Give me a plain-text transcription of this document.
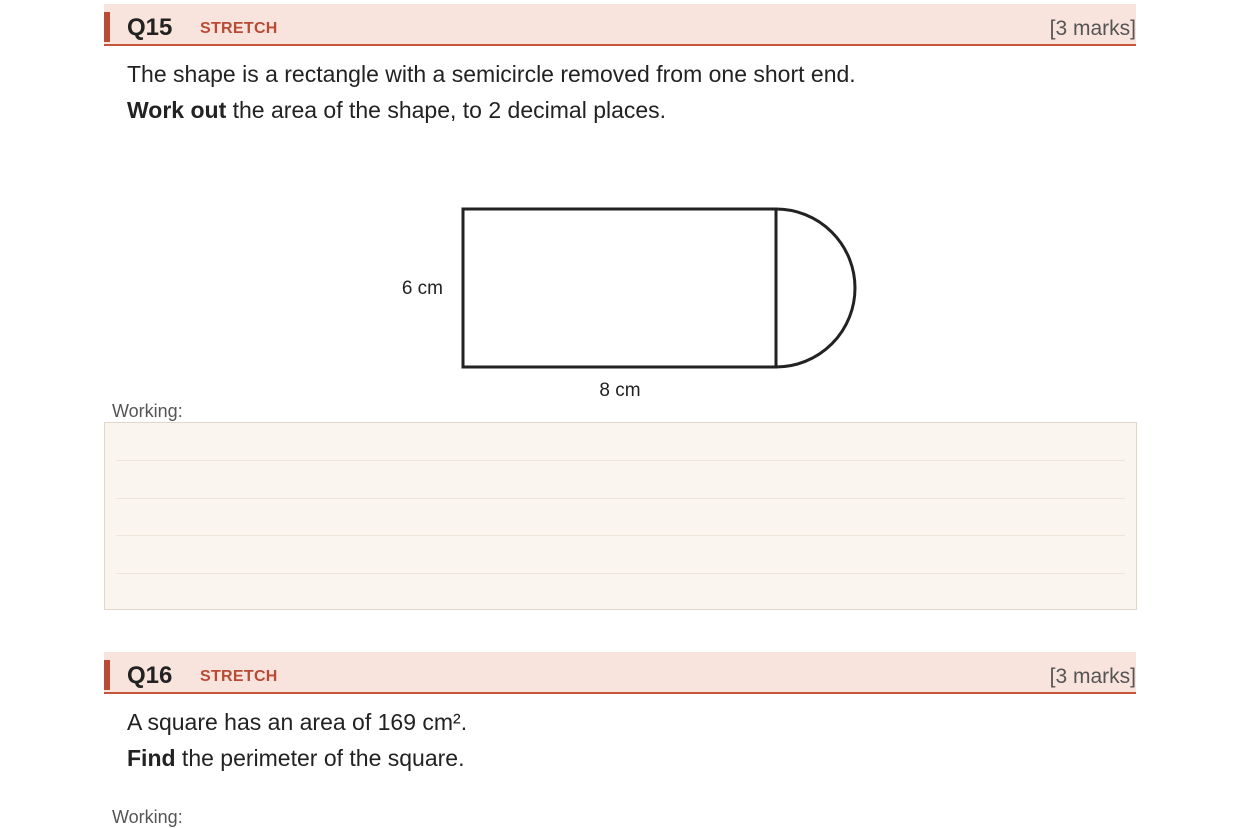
Q15 STRETCH	[3 marks]
The shape is a rectangle with a semicircle removed from one short end.
Work out the area of the shape, to 2 decimal places.
6 cm
8 cm
Working:
Q16 STRETCH	[3 marks]
A square has an area of 169 cm².
Find the perimeter of the square.
Working:
